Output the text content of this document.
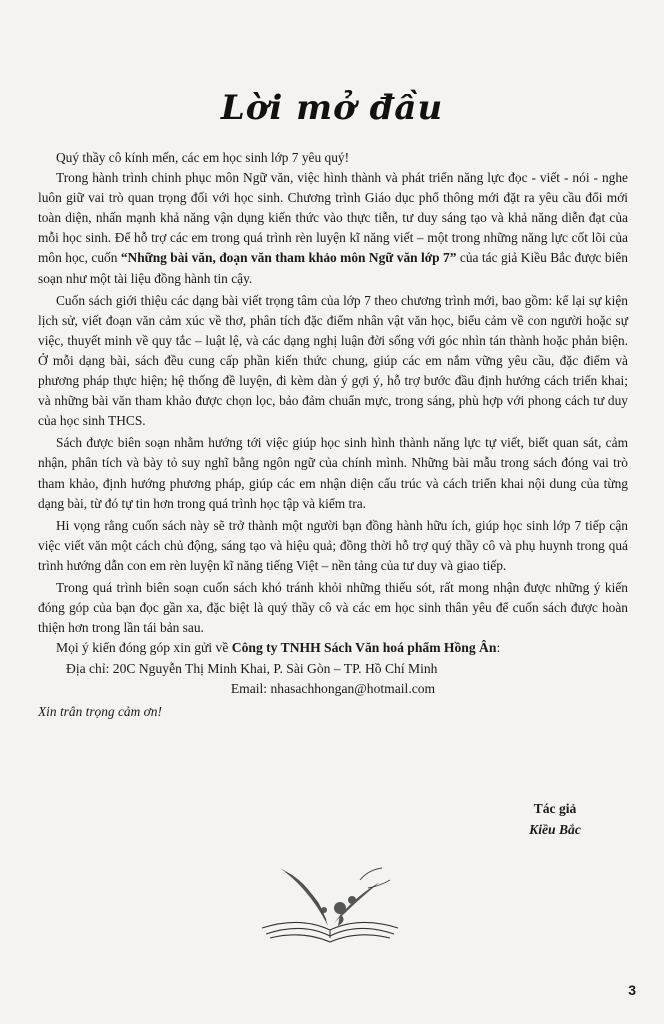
Lời mở đầu

Quý thầy cô kính mến, các em học sinh lớp 7 yêu quý!

Trong hành trình chinh phục môn Ngữ văn, việc hình thành và phát triển năng lực đọc - viết - nói - nghe luôn giữ vai trò quan trọng đối với học sinh. Chương trình Giáo dục phổ thông mới đặt ra yêu cầu đổi mới toàn diện, nhấn mạnh khả năng vận dụng kiến thức vào thực tiễn, tư duy sáng tạo và khả năng diễn đạt của mỗi học sinh. Để hỗ trợ các em trong quá trình rèn luyện kĩ năng viết – một trong những năng lực cốt lõi của môn học, cuốn “Những bài văn, đoạn văn tham khảo môn Ngữ văn lớp 7” của tác giả Kiều Bắc được biên soạn như một tài liệu đồng hành tin cậy.

Cuốn sách giới thiệu các dạng bài viết trọng tâm của lớp 7 theo chương trình mới, bao gồm: kể lại sự kiện lịch sử, viết đoạn văn cảm xúc về thơ, phân tích đặc điểm nhân vật văn học, biểu cảm về con người hoặc sự việc, thuyết minh về quy tắc – luật lệ, và các dạng nghị luận đời sống với góc nhìn tán thành hoặc phản biện. Ở mỗi dạng bài, sách đều cung cấp phần kiến thức chung, giúp các em nắm vững yêu cầu, đặc điểm và phương pháp thực hiện; hệ thống đề luyện, đi kèm dàn ý gợi ý, hỗ trợ bước đầu định hướng cách triển khai; và những bài văn tham khảo được chọn lọc, bảo đảm chuẩn mực, trong sáng, phù hợp với phong cách tư duy của học sinh THCS.

Sách được biên soạn nhằm hướng tới việc giúp học sinh hình thành năng lực tự viết, biết quan sát, cảm nhận, phân tích và bày tỏ suy nghĩ bằng ngôn ngữ của chính mình. Những bài mẫu trong sách đóng vai trò tham khảo, định hướng phương pháp, giúp các em nhận diện cấu trúc và cách triển khai nội dung của từng dạng bài, từ đó tự tin hơn trong quá trình học tập và kiểm tra.

Hi vọng rằng cuốn sách này sẽ trở thành một người bạn đồng hành hữu ích, giúp học sinh lớp 7 tiếp cận việc viết văn một cách chủ động, sáng tạo và hiệu quả; đồng thời hỗ trợ quý thầy cô và phụ huynh trong quá trình hướng dẫn con em rèn luyện kĩ năng tiếng Việt – nền tảng của tư duy và giao tiếp.

Trong quá trình biên soạn cuốn sách khó tránh khỏi những thiếu sót, rất mong nhận được những ý kiến đóng góp của bạn đọc gần xa, đặc biệt là quý thầy cô và các em học sinh thân yêu để cuốn sách được hoàn thiện hơn trong lần tái bản sau.

Mọi ý kiến đóng góp xin gửi về Công ty TNHH Sách Văn hoá phẩm Hồng Ân:
Địa chỉ: 20C Nguyễn Thị Minh Khai, P. Sài Gòn – TP. Hồ Chí Minh
Email: nhasachhongan@hotmail.com
Xin trân trọng cảm ơn!
Tác giả
Kiều Bắc
3
